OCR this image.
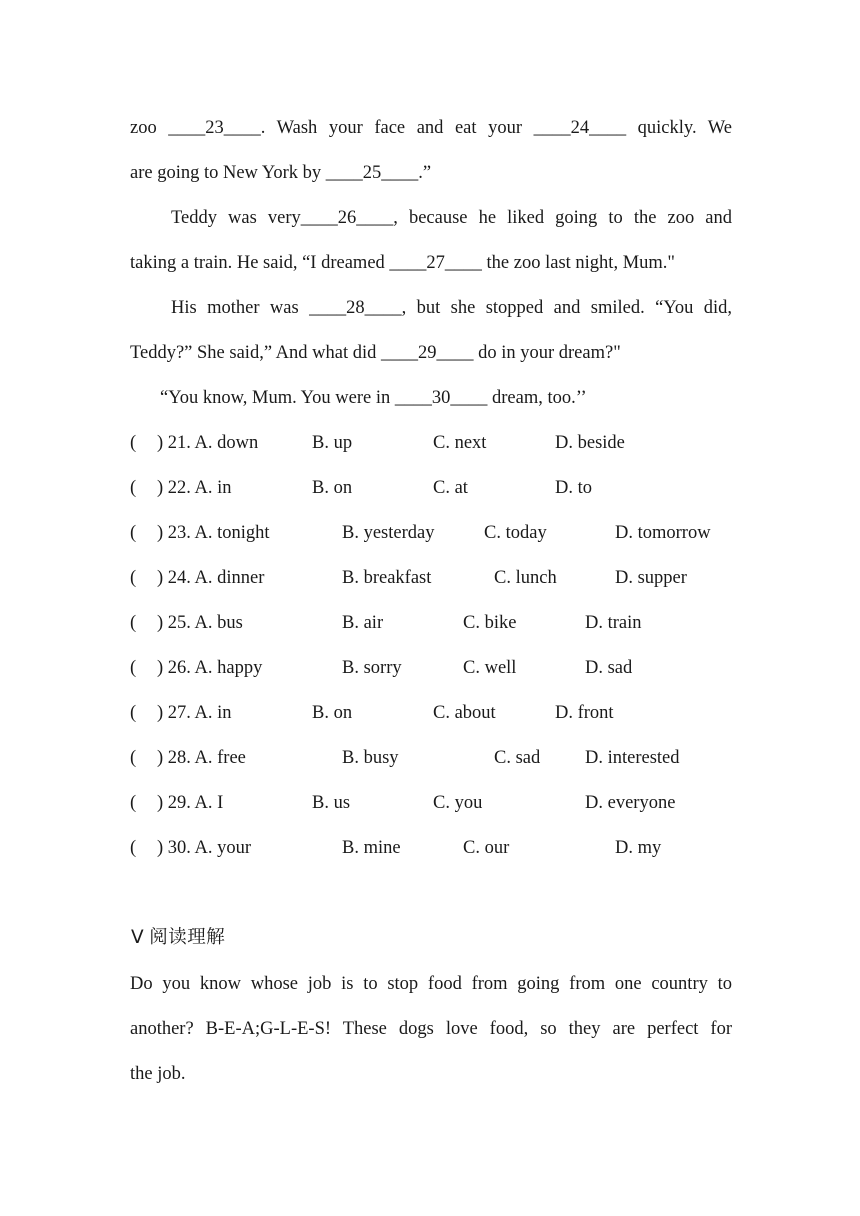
zoo ____23____. Wash your face and eat your ____24____ quickly. We
are going to New York by ____25____.”
Teddy was very____26____, because he liked going to the zoo and
taking a train. He said, “I dreamed ____27____ the zoo last night, Mum."
His mother was ____28____, but she stopped and smiled. “You did,
Teddy?” She said,” And what did ____29____ do in your dream?"
“You know, Mum. You were in ____30____ dream, too.’’
( ) 21. A. down	B. up	C. next	D. beside
( ) 22. A. in	B. on	C. at	D. to
( ) 23. A. tonight	B. yesterday	C. today	D. tomorrow
( ) 24. A. dinner	B. breakfast	C. lunch	D. supper
( ) 25. A. bus	B. air	C. bike	D. train
( ) 26. A. happy	B. sorry	C. well	D. sad
( ) 27. A. in	B. on	C. about	D. front
( ) 28. A. free	B. busy	C. sad D. interested
( ) 29. A. I	B. us	C. you	D. everyone
( ) 30. A. your	B. mine	C. our	D. my
Ⅴ 阅读理解
Do you know whose job is to stop food from going from one country to
another? B-E-A;G-L-E-S! These dogs love food, so they are perfect for
the job.
